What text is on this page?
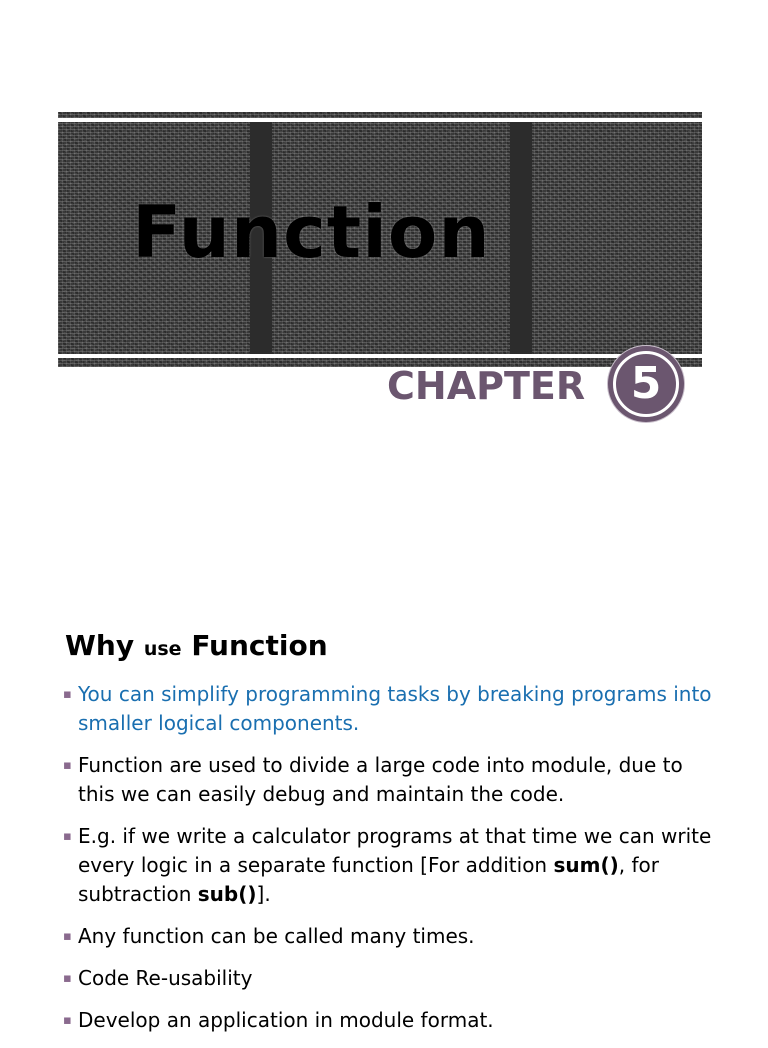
Function
CHAPTER 5
Why use Function
▪ You can simplify programming tasks by breaking programs into smaller logical components.
▪ Function are used to divide a large code into module, due to this we can easily debug and maintain the code.
▪ E.g. if we write a calculator programs at that time we can write every logic in a separate function [For addition sum(), for subtraction sub()].
▪ Any function can be called many times.
▪ Code Re-usability
▪ Develop an application in module format.
